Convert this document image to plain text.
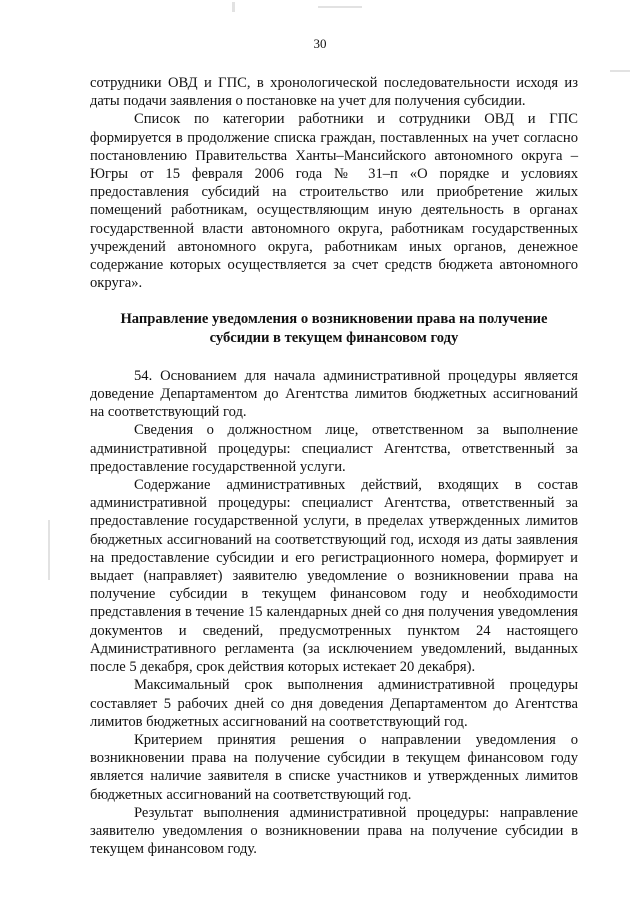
30

сотрудники ОВД и ГПС, в хронологической последовательности исходя из даты подачи заявления о постановке на учет для получения субсидии.

Список по категории работники и сотрудники ОВД и ГПС формируется в продолжение списка граждан, поставленных на учет согласно постановлению Правительства Ханты–Мансийского автономного округа – Югры от 15 февраля 2006 года № 31–п «О порядке и условиях предоставления субсидий на строительство или приобретение жилых помещений работникам, осуществляющим иную деятельность в органах государственной власти автономного округа, работникам государственных учреждений автономного округа, работникам иных органов, денежное содержание которых осуществляется за счет средств бюджета автономного округа».

Направление уведомления о возникновении права на получение субсидии в текущем финансовом году

54. Основанием для начала административной процедуры является доведение Департаментом до Агентства лимитов бюджетных ассигнований на соответствующий год.

Сведения о должностном лице, ответственном за выполнение административной процедуры: специалист Агентства, ответственный за предоставление государственной услуги.

Содержание административных действий, входящих в состав административной процедуры: специалист Агентства, ответственный за предоставление государственной услуги, в пределах утвержденных лимитов бюджетных ассигнований на соответствующий год, исходя из даты заявления на предоставление субсидии и его регистрационного номера, формирует и выдает (направляет) заявителю уведомление о возникновении права на получение субсидии в текущем финансовом году и необходимости представления в течение 15 календарных дней со дня получения уведомления документов и сведений, предусмотренных пунктом 24 настоящего Административного регламента (за исключением уведомлений, выданных после 5 декабря, срок действия которых истекает 20 декабря).

Максимальный срок выполнения административной процедуры составляет 5 рабочих дней со дня доведения Департаментом до Агентства лимитов бюджетных ассигнований на соответствующий год.

Критерием принятия решения о направлении уведомления о возникновении права на получение субсидии в текущем финансовом году является наличие заявителя в списке участников и утвержденных лимитов бюджетных ассигнований на соответствующий год.

Результат выполнения административной процедуры: направление заявителю уведомления о возникновении права на получение субсидии в текущем финансовом году.
